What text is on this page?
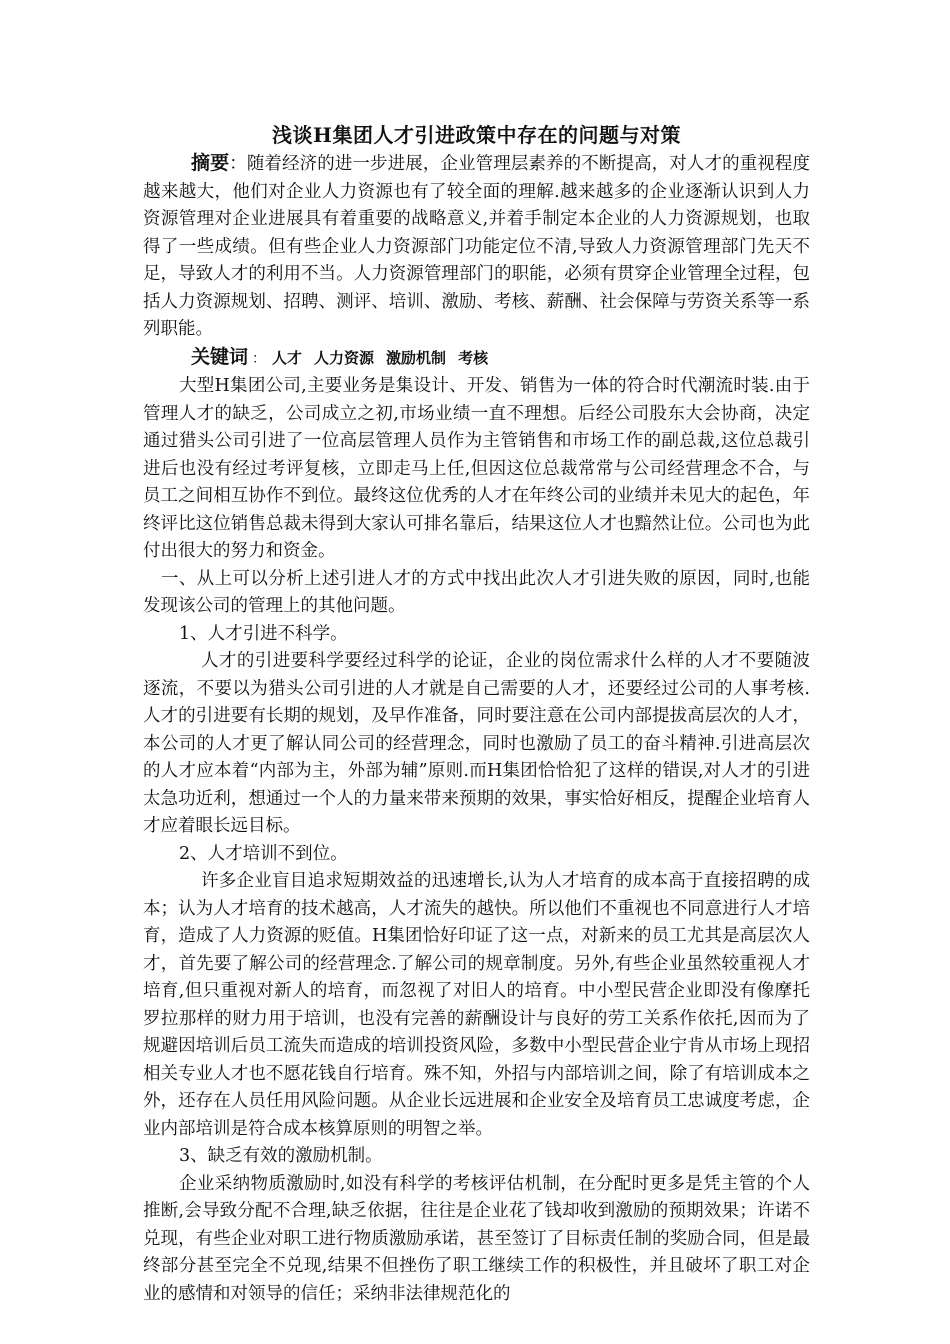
浅谈H集团人才引进政策中存在的问题与对策

摘要：随着经济的进一步进展，企业管理层素养的不断提高，对人才的重视程度越来越大，他们对企业人力资源也有了较全面的理解.越来越多的企业逐渐认识到人力资源管理对企业进展具有着重要的战略意义,并着手制定本企业的人力资源规划，也取得了一些成绩。但有些企业人力资源部门功能定位不清,导致人力资源管理部门先天不足，导致人才的利用不当。人力资源管理部门的职能，必须有贯穿企业管理全过程，包括人力资源规划、招聘、测评、培训、激励、考核、薪酬、社会保障与劳资关系等一系列职能。

关键词 ： 人才 人力资源 激励机制 考核

大型H集团公司,主要业务是集设计、开发、销售为一体的符合时代潮流时装.由于管理人才的缺乏，公司成立之初,市场业绩一直不理想。后经公司股东大会协商，决定通过猎头公司引进了一位高层管理人员作为主管销售和市场工作的副总裁,这位总裁引进后也没有经过考评复核，立即走马上任,但因这位总裁常常与公司经营理念不合，与员工之间相互协作不到位。最终这位优秀的人才在年终公司的业绩并未见大的起色，年终评比这位销售总裁未得到大家认可排名靠后，结果这位人才也黯然让位。公司也为此付出很大的努力和资金。

一、从上可以分析上述引进人才的方式中找出此次人才引进失败的原因，同时,也能发现该公司的管理上的其他问题。

1、人才引进不科学。

人才的引进要科学要经过科学的论证，企业的岗位需求什么样的人才不要随波逐流，不要以为猎头公司引进的人才就是自己需要的人才，还要经过公司的人事考核.人才的引进要有长期的规划，及早作准备，同时要注意在公司内部提拔高层次的人才，本公司的人才更了解认同公司的经营理念，同时也激励了员工的奋斗精神.引进高层次的人才应本着“内部为主，外部为辅”原则.而H集团恰恰犯了这样的错误,对人才的引进太急功近利，想通过一个人的力量来带来预期的效果，事实恰好相反，提醒企业培育人才应着眼长远目标。

2、人才培训不到位。

许多企业盲目追求短期效益的迅速增长,认为人才培育的成本高于直接招聘的成本；认为人才培育的技术越高，人才流失的越快。所以他们不重视也不同意进行人才培育，造成了人力资源的贬值。H集团恰好印证了这一点，对新来的员工尤其是高层次人才，首先要了解公司的经营理念.了解公司的规章制度。另外,有些企业虽然较重视人才培育,但只重视对新人的培育，而忽视了对旧人的培育。中小型民营企业即没有像摩托罗拉那样的财力用于培训，也没有完善的薪酬设计与良好的劳工关系作依托,因而为了规避因培训后员工流失而造成的培训投资风险，多数中小型民营企业宁肯从市场上现招相关专业人才也不愿花钱自行培育。殊不知，外招与内部培训之间，除了有培训成本之外，还存在人员任用风险问题。从企业长远进展和企业安全及培育员工忠诚度考虑，企业内部培训是符合成本核算原则的明智之举。

3、缺乏有效的激励机制。

企业采纳物质激励时,如没有科学的考核评估机制，在分配时更多是凭主管的个人推断,会导致分配不合理,缺乏依据，往往是企业花了钱却收到激励的预期效果；许诺不兑现，有些企业对职工进行物质激励承诺，甚至签订了目标责任制的奖励合同，但是最终部分甚至完全不兑现,结果不但挫伤了职工继续工作的积极性，并且破坏了职工对企业的感情和对领导的信任；采纳非法律规范化的
